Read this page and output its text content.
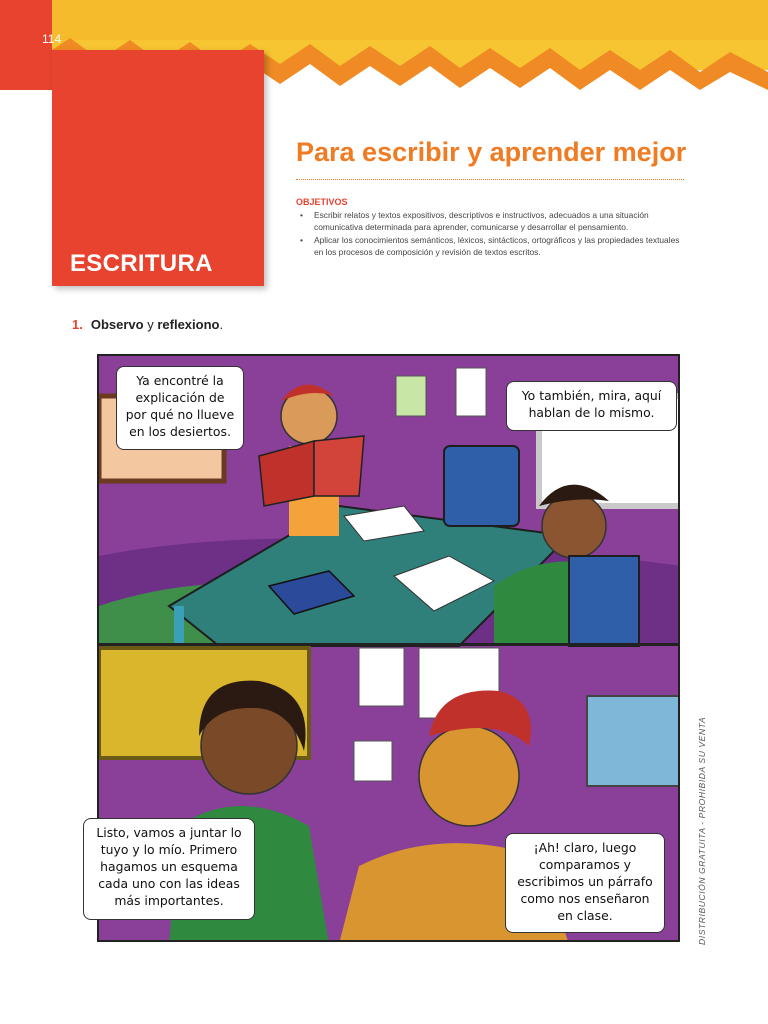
114
ESCRITURA
Para escribir y aprender mejor
OBJETIVOS
• Escribir relatos y textos expositivos, descriptivos e instructivos, adecuados a una situación comunicativa determinada para aprender, comunicarse y desarrollar el pensamiento.
• Aplicar los conocimientos semánticos, léxicos, sintácticos, ortográficos y las propiedades textuales en los procesos de composición y revisión de textos escritos.
1. Observo y reflexiono.
Ya encontré la
explicación de
por qué no llueve
en los desiertos.
Yo también, mira, aquí
hablan de lo mismo.
Listo, vamos a juntar lo
tuyo y lo mío. Primero
hagamos un esquema
cada uno con las ideas
más importantes.
¡Ah! claro, luego
comparamos y
escribimos un párrafo
como nos enseñaron
en clase.	DISTRIBUCIÓN GRATUITA - PROHIBIDA SU VENTA
